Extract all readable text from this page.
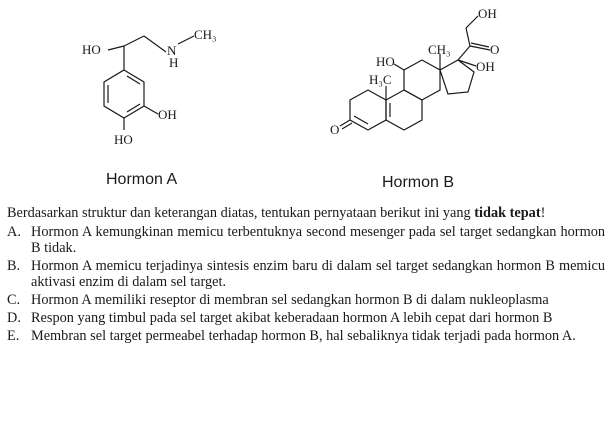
HO	N
H
CH₃
OH
HO
OH
CH₃	O
OH
HO
H₃C
O
Hormon A	Hormon B

Berdasarkan struktur dan keterangan diatas, tentukan pernyataan berikut ini yang tidak tepat!

A. Hormon A kemungkinan memicu terbentuknya second mesenger pada sel target sedangkan hormon B tidak.
B. Hormon A memicu terjadinya sintesis enzim baru di dalam sel target sedangkan hormon B memicu aktivasi enzim di dalam sel target.
C. Hormon A memiliki reseptor di membran sel sedangkan hormon B di dalam nukleoplasma
D. Respon yang timbul pada sel target akibat keberadaan hormon A lebih cepat dari hormon B
E. Membran sel target permeabel terhadap hormon B, hal sebaliknya tidak terjadi pada hormon A.
